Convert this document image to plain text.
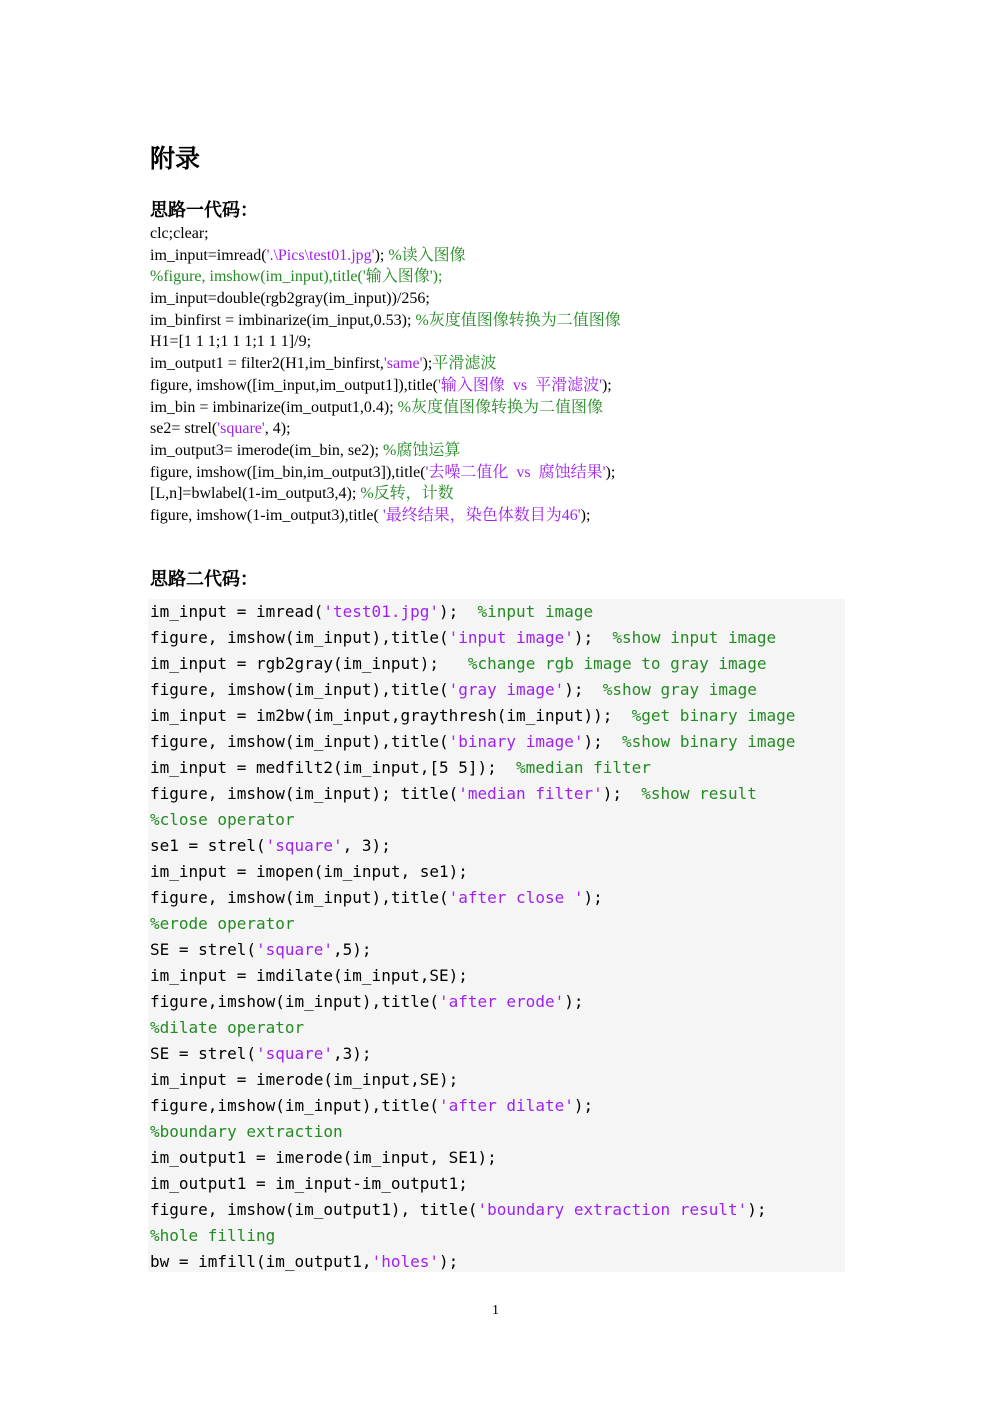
附录
思路一代码：
clc;clear;
im_input=imread('.\Pics\test01.jpg'); %读入图像
%figure, imshow(im_input),title('输入图像');
im_input=double(rgb2gray(im_input))/256;
im_binfirst = imbinarize(im_input,0.53); %灰度值图像转换为二值图像
H1=[1 1 1;1 1 1;1 1 1]/9;
im_output1 = filter2(H1,im_binfirst,'same');平滑滤波
figure, imshow([im_input,im_output1]),title('输入图像  vs  平滑滤波');
im_bin = imbinarize(im_output1,0.4); %灰度值图像转换为二值图像
se2= strel('square', 4);
im_output3= imerode(im_bin, se2); %腐蚀运算
figure, imshow([im_bin,im_output3]),title('去噪二值化  vs  腐蚀结果');
[L,n]=bwlabel(1-im_output3,4); %反转，计数
figure, imshow(1-im_output3),title( '最终结果，染色体数目为46');
思路二代码：
im_input = imread('test01.jpg');  %input image
figure, imshow(im_input),title('input image');  %show input image
im_input = rgb2gray(im_input);   %change rgb image to gray image
figure, imshow(im_input),title('gray image');  %show gray image
im_input = im2bw(im_input,graythresh(im_input));  %get binary image
figure, imshow(im_input),title('binary image');  %show binary image
im_input = medfilt2(im_input,[5 5]);  %median filter
figure, imshow(im_input); title('median filter');  %show result
%close operator
se1 = strel('square', 3);
im_input = imopen(im_input, se1);
figure, imshow(im_input),title('after close ');
%erode operator
SE = strel('square',5);
im_input = imdilate(im_input,SE);
figure,imshow(im_input),title('after erode');
%dilate operator
SE = strel('square',3);
im_input = imerode(im_input,SE);
figure,imshow(im_input),title('after dilate');
%boundary extraction
im_output1 = imerode(im_input, SE1);
im_output1 = im_input-im_output1;
figure, imshow(im_output1), title('boundary extraction result');
%hole filling
bw = imfill(im_output1,'holes');
1
